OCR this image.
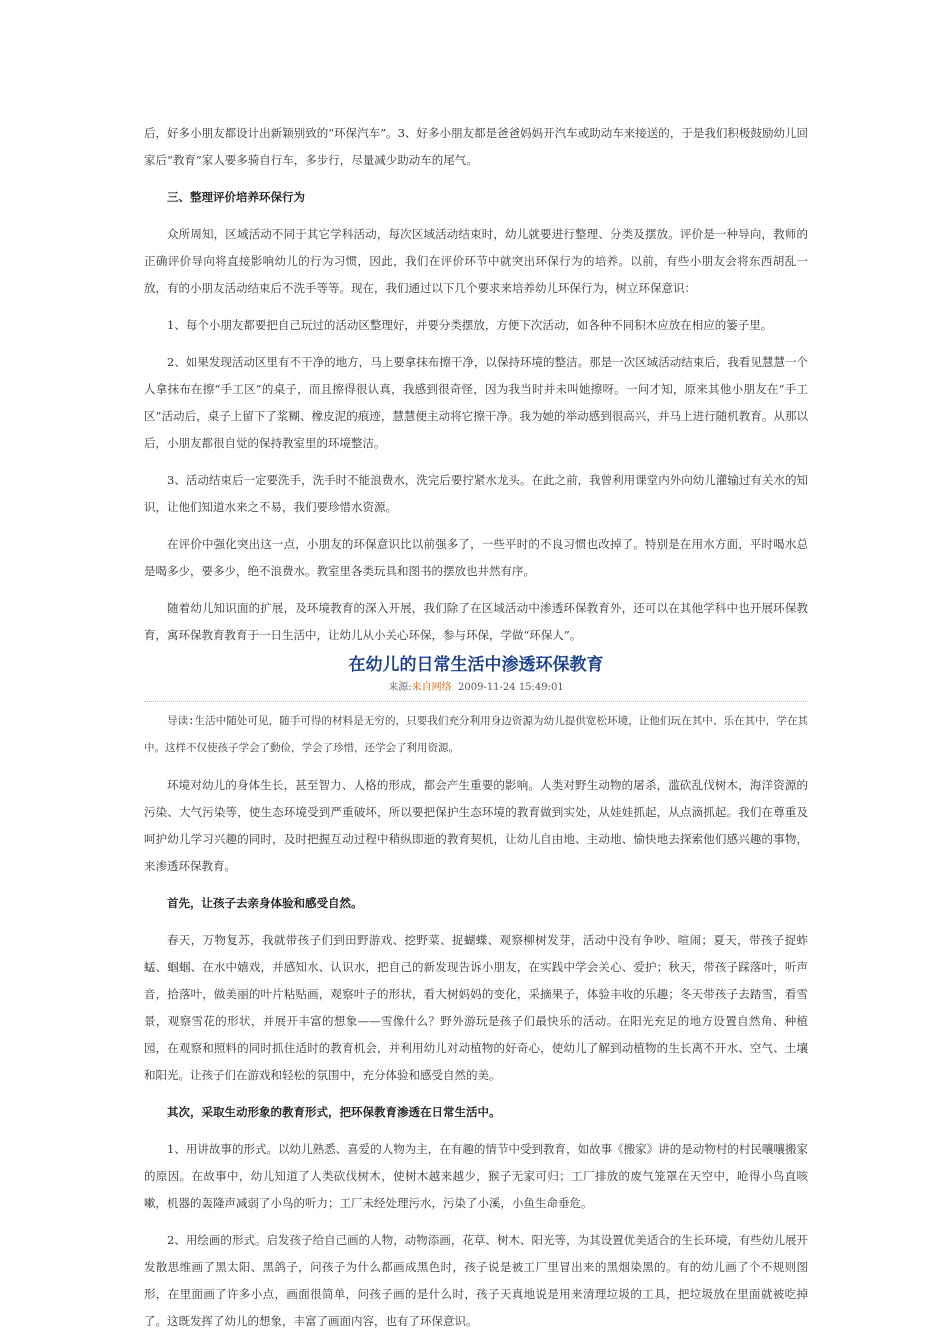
后，好多小朋友都设计出新颖别致的“环保汽车”。3、好多小朋友都是爸爸妈妈开汽车或助动车来接送的，于是我们积极鼓励幼儿回家后“教育”家人要多骑自行车，多步行，尽量减少助动车的尾气。

三、整理评价培养环保行为

众所周知，区域活动不同于其它学科活动，每次区域活动结束时，幼儿就要进行整理、分类及摆放。评价是一种导向，教师的正确评价导向将直接影响幼儿的行为习惯，因此，我们在评价环节中就突出环保行为的培养。以前，有些小朋友会将东西胡乱一放，有的小朋友活动结束后不洗手等等。现在，我们通过以下几个要求来培养幼儿环保行为，树立环保意识：

1、每个小朋友都要把自己玩过的活动区整理好，并要分类摆放，方便下次活动，如各种不同积木应放在相应的篓子里。

2、如果发现活动区里有不干净的地方，马上要拿抹布擦干净，以保持环境的整洁。那是一次区域活动结束后，我看见慧慧一个人拿抹布在擦“手工区”的桌子，而且擦得很认真，我感到很奇怪，因为我当时并未叫她擦呀。一问才知，原来其他小朋友在“手工区”活动后，桌子上留下了浆糊、橡皮泥的痕迹，慧慧便主动将它擦干净。我为她的举动感到很高兴，并马上进行随机教育。从那以后，小朋友都很自觉的保持教室里的环境整洁。

3、活动结束后一定要洗手，洗手时不能浪费水，洗完后要拧紧水龙头。在此之前，我曾利用课堂内外向幼儿灌输过有关水的知识，让他们知道水来之不易，我们要珍惜水资源。

在评价中强化突出这一点，小朋友的环保意识比以前强多了，一些平时的不良习惯也改掉了。特别是在用水方面，平时喝水总是喝多少，要多少，绝不浪费水。教室里各类玩具和图书的摆放也井然有序。

随着幼儿知识面的扩展，及环境教育的深入开展，我们除了在区域活动中渗透环保教育外，还可以在其他学科中也开展环保教育，寓环保教育教育于一日生活中，让幼儿从小关心环保，参与环保，学做“环保人”。

在幼儿的日常生活中渗透环保教育
来源:来自网络 2009-11-24 15:49:01

导读:生活中随处可见，随手可得的材料是无穷的，只要我们充分利用身边资源为幼儿提供宽松环境，让他们玩在其中、乐在其中，学在其中。这样不仅使孩子学会了動俭，学会了珍惜，还学会了利用资源。

环境对幼儿的身体生长，甚至智力、人格的形成，都会产生重要的影响。人类对野生动物的屠杀，滥砍乱伐树木，海洋资源的污染、大气污染等，使生态环境受到严重破坏，所以要把保护生态环境的教育做到实处，从娃娃抓起，从点滴抓起。我们在尊重及呵护幼儿学习兴趣的同时，及时把握互动过程中稍纵即逝的教育契机，让幼儿自由地、主动地、愉快地去探索他们感兴趣的事物，来渗透环保教育。

首先，让孩子去亲身体验和感受自然。

春天，万物复苏，我就带孩子们到田野游戏、挖野菜、捉蝴蝶、观察柳树发芽，活动中没有争吵、喧闹；夏天，带孩子捉蚱蜢、蝈蝈、在水中嬉戏，并感知水、认识水，把自己的新发现告诉小朋友，在实践中学会关心、爱护；秋天，带孩子踩落叶，听声音，拾落叶，做美丽的叶片粘贴画，观察叶子的形状，看大树妈妈的变化，采摘果子，体验丰收的乐趣；冬天带孩子去踏雪，看雪景，观察雪花的形状，并展开丰富的想象——雪像什么？野外游玩是孩子们最快乐的活动。在阳光充足的地方设置自然角、种植园，在观察和照料的同时抓住适时的教育机会，并利用幼儿对动植物的好奇心，使幼儿了解到动植物的生长离不开水、空气、土壤和阳光。让孩子们在游戏和轻松的氛围中，充分体验和感受自然的美。

其次，采取生动形象的教育形式，把环保教育渗透在日常生活中。

1、用讲故事的形式。以幼儿熟悉、喜爱的人物为主，在有趣的情节中受到教育，如故事《搬家》讲的是动物村的村民嚷嚷搬家的原因。在故事中，幼儿知道了人类砍伐树木，使树木越来越少，猴子无家可归；工厂排放的废气笼罩在天空中，呛得小鸟直咳嗽，机器的轰隆声减弱了小鸟的听力；工厂未经处理污水，污染了小溪，小鱼生命垂危。

2、用绘画的形式。启发孩子给自己画的人物，动物添画，花草、树木、阳光等，为其设置优美适合的生长环境，有些幼儿展开发散思维画了黑太阳、黑鸽子，问孩子为什么都画成黑色时，孩子说是被工厂里冒出来的黑烟染黑的。有的幼儿画了个不规则图形，在里面画了许多小点，画面很简单，问孩子画的是什么时，孩子天真地说是用来清理垃圾的工具，把垃圾放在里面就被吃掉了。这既发挥了幼儿的想象，丰富了画面内容，也有了环保意识。
